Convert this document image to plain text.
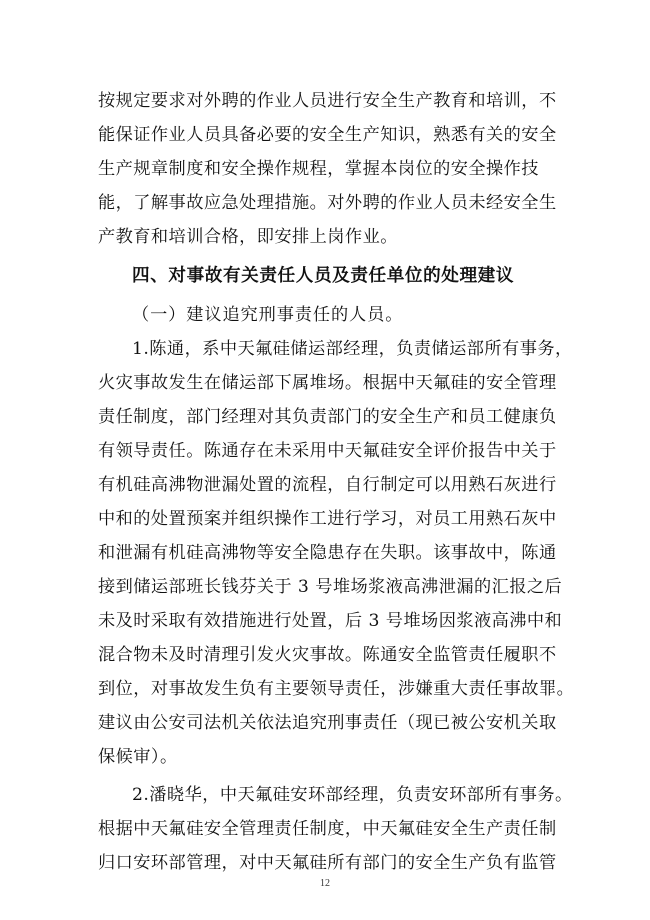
按规定要求对外聘的作业人员进行安全生产教育和培训，不
能保证作业人员具备必要的安全生产知识，熟悉有关的安全
生产规章制度和安全操作规程，掌握本岗位的安全操作技
能，了解事故应急处理措施。对外聘的作业人员未经安全生
产教育和培训合格，即安排上岗作业。
四、对事故有关责任人员及责任单位的处理建议
（一）建议追究刑事责任的人员。
1.陈通，系中天氟硅储运部经理，负责储运部所有事务，
火灾事故发生在储运部下属堆场。根据中天氟硅的安全管理
责任制度，部门经理对其负责部门的安全生产和员工健康负
有领导责任。陈通存在未采用中天氟硅安全评价报告中关于
有机硅高沸物泄漏处置的流程，自行制定可以用熟石灰进行
中和的处置预案并组织操作工进行学习，对员工用熟石灰中
和泄漏有机硅高沸物等安全隐患存在失职。该事故中，陈通
接到储运部班长钱芬关于 3 号堆场浆液高沸泄漏的汇报之后
未及时采取有效措施进行处置，后 3 号堆场因浆液高沸中和
混合物未及时清理引发火灾事故。陈通安全监管责任履职不
到位，对事故发生负有主要领导责任，涉嫌重大责任事故罪。
建议由公安司法机关依法追究刑事责任（现已被公安机关取
保候审）。
2.潘晓华，中天氟硅安环部经理，负责安环部所有事务。
根据中天氟硅安全管理责任制度，中天氟硅安全生产责任制
归口安环部管理，对中天氟硅所有部门的安全生产负有监管
12
